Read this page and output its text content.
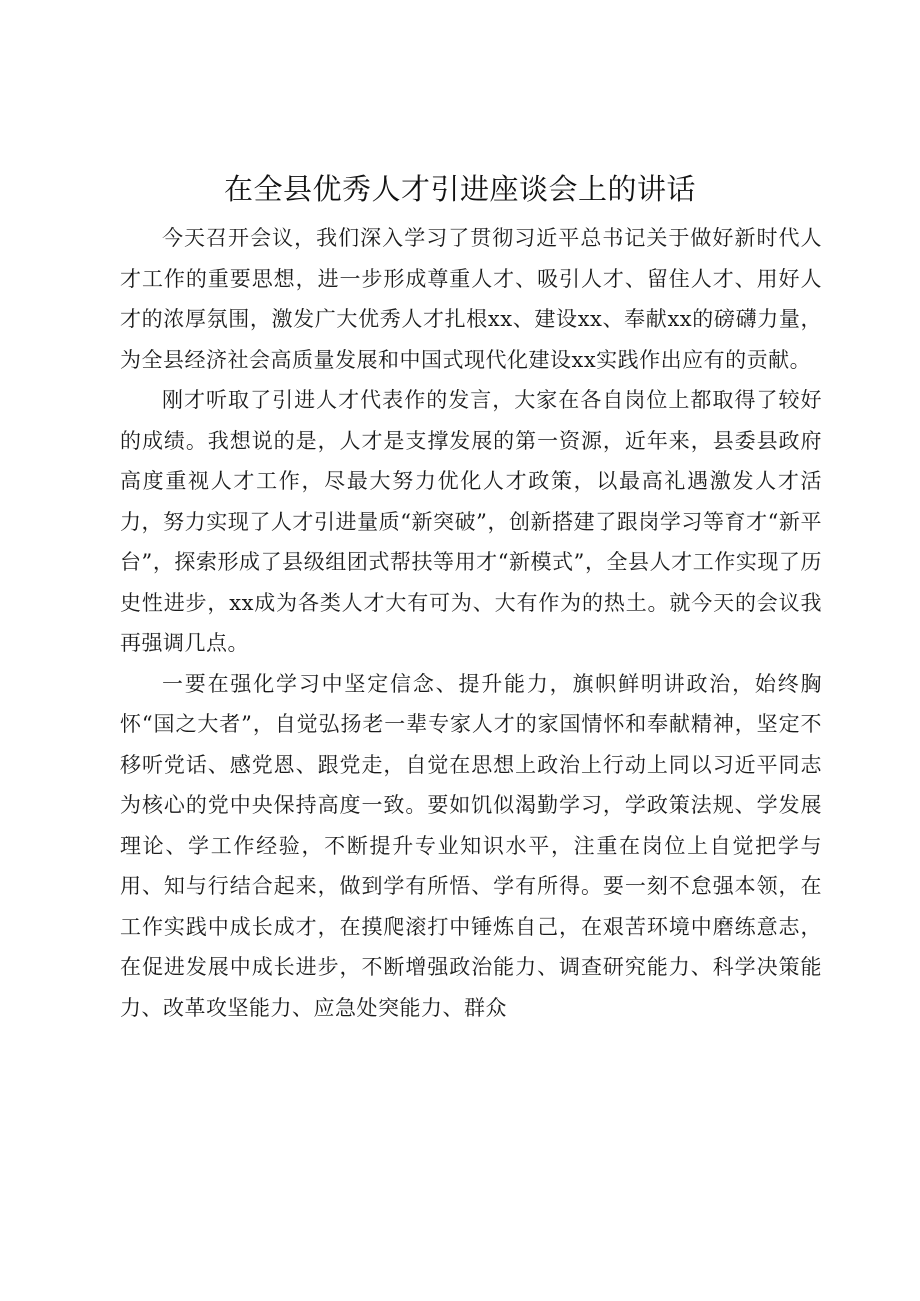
在全县优秀人才引进座谈会上的讲话

今天召开会议，我们深入学习了贯彻习近平总书记关于做好新时代人才工作的重要思想，进一步形成尊重人才、吸引人才、留住人才、用好人才的浓厚氛围，激发广大优秀人才扎根xx、建设xx、奉献xx的磅礴力量，为全县经济社会高质量发展和中国式现代化建设xx实践作出应有的贡献。

刚才听取了引进人才代表作的发言，大家在各自岗位上都取得了较好的成绩。我想说的是，人才是支撑发展的第一资源，近年来，县委县政府高度重视人才工作，尽最大努力优化人才政策，以最高礼遇激发人才活力，努力实现了人才引进量质“新突破”，创新搭建了跟岗学习等育才“新平台”，探索形成了县级组团式帮扶等用才“新模式”，全县人才工作实现了历史性进步，xx成为各类人才大有可为、大有作为的热土。就今天的会议我再强调几点。

一要在强化学习中坚定信念、提升能力，旗帜鲜明讲政治，始终胸怀“国之大者”，自觉弘扬老一辈专家人才的家国情怀和奉献精神，坚定不移听党话、感党恩、跟党走，自觉在思想上政治上行动上同以习近平同志为核心的党中央保持高度一致。要如饥似渴勤学习，学政策法规、学发展理论、学工作经验，不断提升专业知识水平，注重在岗位上自觉把学与用、知与行结合起来，做到学有所悟、学有所得。要一刻不怠强本领，在工作实践中成长成才，在摸爬滚打中锤炼自己，在艰苦环境中磨练意志，在促进发展中成长进步，不断增强政治能力、调查研究能力、科学决策能力、改革攻坚能力、应急处突能力、群众
